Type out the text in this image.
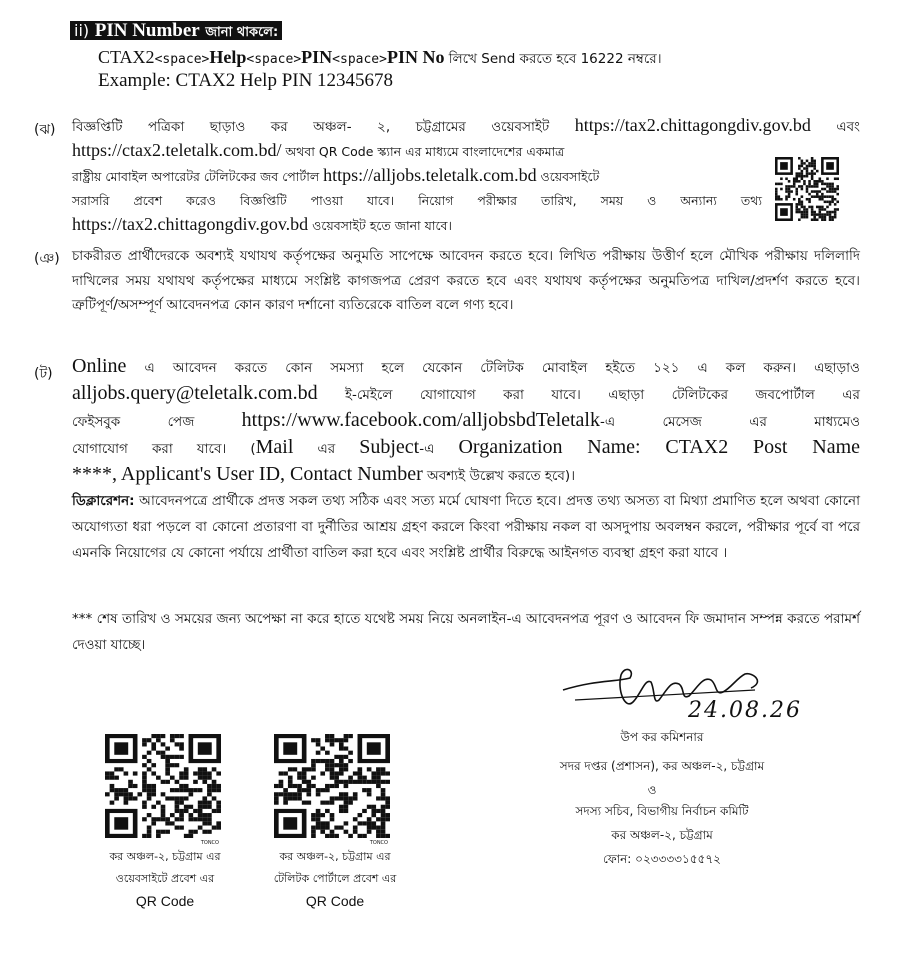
ii) PIN Number জানা থাকলে:
CTAX2<space>Help<space>PIN<space>PIN No লিখে Send করতে হবে 16222 নম্বরে।
Example: CTAX2 Help PIN 12345678
(ঝ) বিজ্ঞপ্তিটি পত্রিকা ছাড়াও কর অঞ্চল- ২, চট্টগ্রামের ওয়েবসাইট https://tax2.chittagongdiv.gov.bd এবং
https://ctax2.teletalk.com.bd/ অথবা QR Code স্ক্যান এর মাধ্যমে বাংলাদেশের একমাত্র
রাষ্ট্রীয় মোবাইল অপারেটর টেলিটকের জব পোর্টাল https://alljobs.teletalk.com.bd ওয়েবসাইটে
সরাসরি প্রবেশ করেও বিজ্ঞপ্তিটি পাওয়া যাবে। নিয়োগ পরীক্ষার তারিখ, সময় ও অন্যান্য তথ্য
https://tax2.chittagongdiv.gov.bd ওয়েবসাইট হতে জানা যাবে।
(ঞ) চাকরীরত প্রার্থীদেরকে অবশ্যই যথাযথ কর্তৃপক্ষের অনুমতি সাপেক্ষে আবেদন করতে হবে। লিখিত পরীক্ষায় উত্তীর্ণ হলে মৌখিক পরীক্ষায় দলিলাদি দাখিলের সময় যথাযথ কর্তৃপক্ষের মাধ্যমে সংশ্লিষ্ট কাগজপত্র প্রেরণ করতে হবে এবং যথাযথ কর্তৃপক্ষের অনুমতিপত্র দাখিল/প্রদর্শণ করতে হবে। ত্রুটিপূর্ণ/অসম্পূর্ণ আবেদনপত্র কোন কারণ দর্শানো ব্যতিরেকে বাতিল বলে গণ্য হবে।
(ট) Online এ আবেদন করতে কোন সমস্যা হলে যেকোন টেলিটক মোবাইল হইতে ১২১ এ কল করুন। এছাড়াও
alljobs.query@teletalk.com.bd ই-মেইলে যোগাযোগ করা যাবে। এছাড়া টেলিটকের জবপোর্টাল এর
ফেইসবুক পেজ https://www.facebook.com/alljobsbdTeletalk-এ মেসেজ এর মাধ্যমেও
যোগাযোগ করা যাবে। (Mail এর Subject-এ Organization Name: CTAX2 Post Name
****, Applicant's User ID, Contact Number অবশ্যই উল্লেখ করতে হবে)।
ডিক্লারেশন: আবেদনপত্রে প্রার্থীকে প্রদত্ত সকল তথ্য সঠিক এবং সত্য মর্মে ঘোষণা দিতে হবে। প্রদত্ত তথ্য অসত্য বা মিথ্যা প্রমাণিত হলে অথবা কোনো অযোগ্যতা ধরা পড়লে বা কোনো প্রতারণা বা দুর্নীতির আশ্রয় গ্রহণ করলে কিংবা পরীক্ষায় নকল বা অসদুপায় অবলম্বন করলে, পরীক্ষার পূর্বে বা পরে এমনকি নিয়োগের যে কোনো পর্যায়ে প্রার্থীতা বাতিল করা হবে এবং সংশ্লিষ্ট প্রার্থীর বিরুদ্ধে আইনগত ব্যবস্থা গ্রহণ করা যাবে ।
*** শেষ তারিখ ও সময়ের জন্য অপেক্ষা না করে হাতে যথেষ্ট সময় নিয়ে অনলাইন-এ আবেদনপত্র পূরণ ও আবেদন ফি জমাদান সম্পন্ন করতে পরামর্শ দেওয়া যাচ্ছে।
24.08.26
উপ কর কমিশনার
সদর দপ্তর (প্রশাসন), কর অঞ্চল-২, চট্টগ্রাম
ও
সদস্য সচিব, বিভাগীয় নির্বাচন কমিটি
কর অঞ্চল-২, চট্টগ্রাম
ফোন: ০২৩৩৩৩১৫৫৭২
TONCO
কর অঞ্চল-২, চট্টগ্রাম এর
ওয়েবসাইটে প্রবেশ এর
QR Code
TONCO
কর অঞ্চল-২, চট্টগ্রাম এর
টেলিটক পোর্টালে প্রবেশ এর
QR Code
